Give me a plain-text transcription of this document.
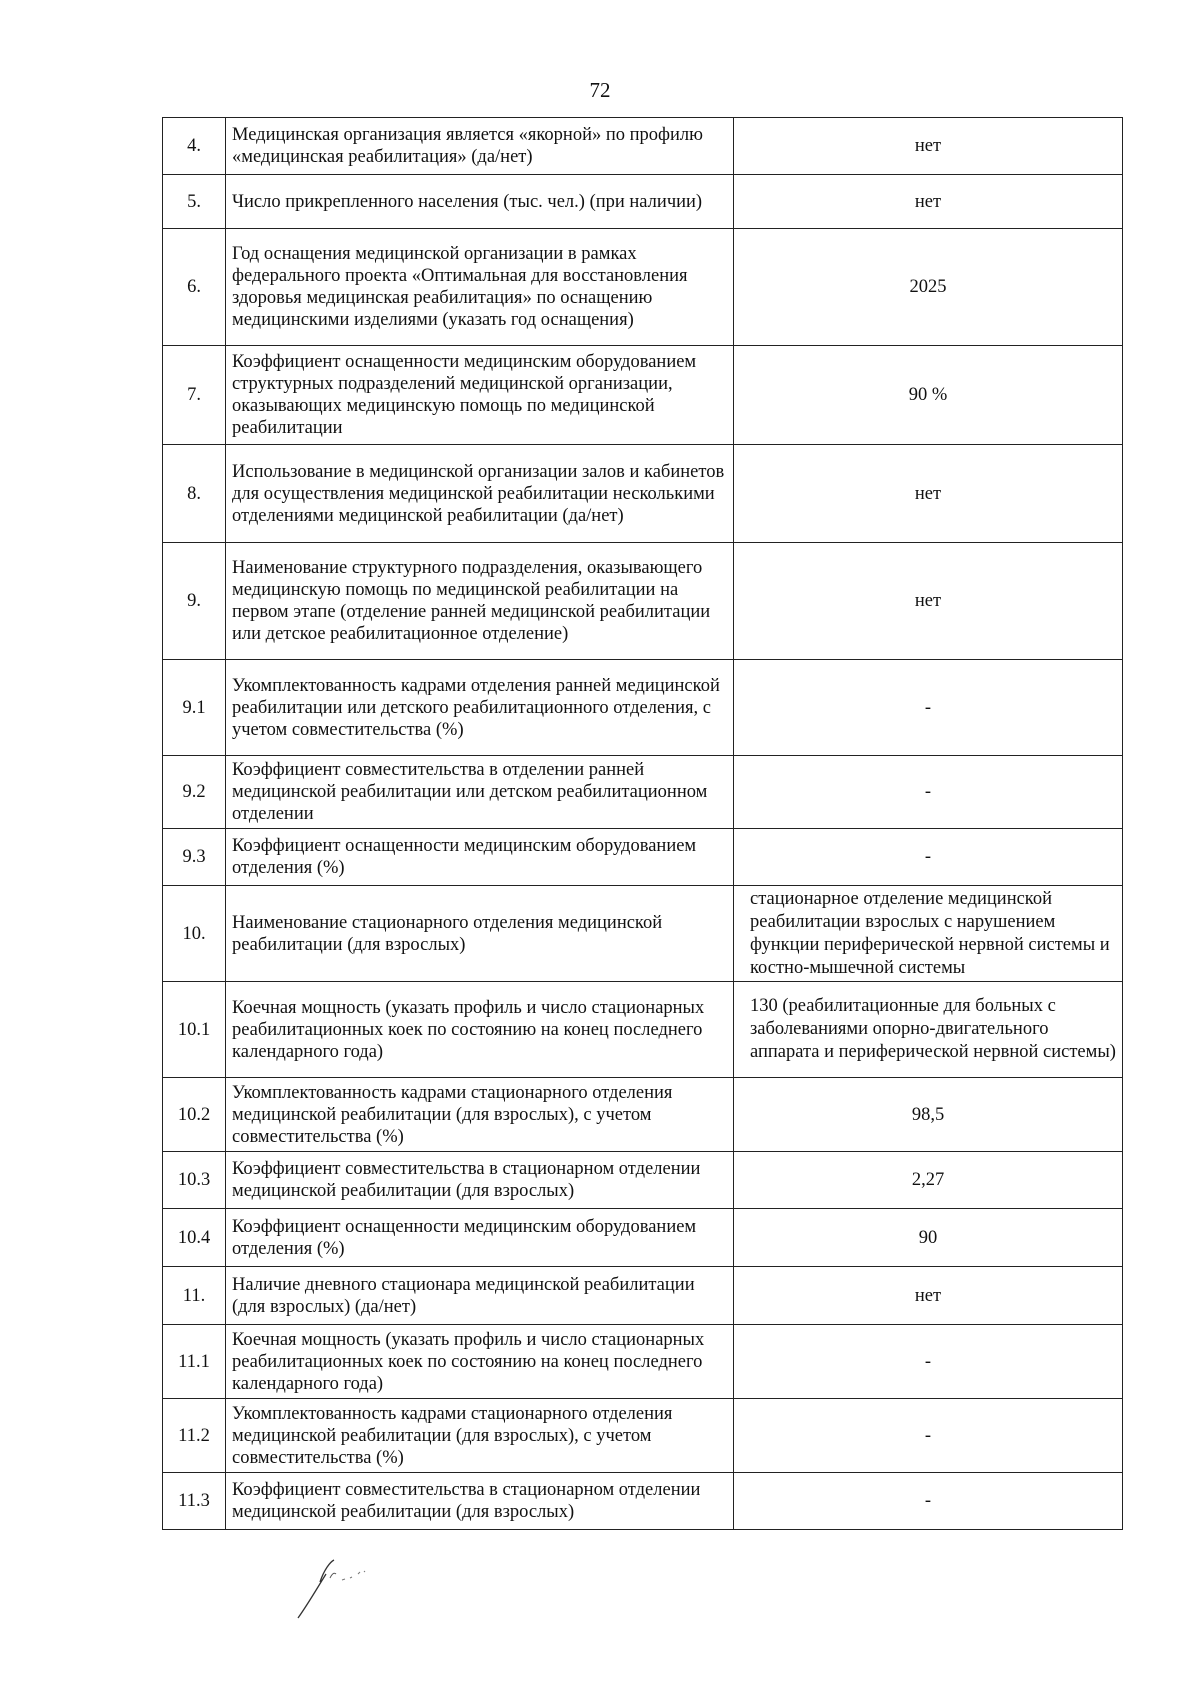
72
4.	Медицинская организация является «якорной» по профилю «медицинская реабилитация» (да/нет)	нет
5.	Число прикрепленного населения (тыс. чел.) (при наличии)	нет
6.	Год оснащения медицинской организации в рамках федерального проекта «Оптимальная для восстановления здоровья медицинская реабилитация» по оснащению медицинскими изделиями (указать год оснащения)	2025
7.	Коэффициент оснащенности медицинским оборудованием структурных подразделений медицинской организации, оказывающих медицинскую помощь по медицинской реабилитации	90 %
8.	Использование в медицинской организации залов и кабинетов для осуществления медицинской реабилитации несколькими отделениями медицинской реабилитации (да/нет)	нет
9.	Наименование структурного подразделения, оказывающего медицинскую помощь по медицинской реабилитации на первом этапе (отделение ранней медицинской реабилитации или детское реабилитационное отделение)	нет
9.1	Укомплектованность кадрами отделения ранней медицинской реабилитации или детского реабилитационного отделения, с учетом совместительства (%)	-
9.2	Коэффициент совместительства в отделении ранней медицинской реабилитации или детском реабилитационном отделении	-
9.3	Коэффициент оснащенности медицинским оборудованием отделения (%)	-
10.	Наименование стационарного отделения медицинской реабилитации (для взрослых)	стационарное отделение медицинской реабилитации взрослых с нарушением функции периферической нервной системы и костно-мышечной системы
10.1	Коечная мощность (указать профиль и число стационарных реабилитационных коек по состоянию на конец последнего календарного года)	130 (реабилитационные для больных с заболеваниями опорно-двигательного аппарата и периферической нервной системы)
10.2	Укомплектованность кадрами стационарного отделения медицинской реабилитации (для взрослых), с учетом совместительства (%)	98,5
10.3	Коэффициент совместительства в стационарном отделении медицинской реабилитации (для взрослых)	2,27
10.4	Коэффициент оснащенности медицинским оборудованием отделения (%)	90
11.	Наличие дневного стационара медицинской реабилитации (для взрослых) (да/нет)	нет
11.1	Коечная мощность (указать профиль и число стационарных реабилитационных коек по состоянию на конец последнего календарного года)	-
11.2	Укомплектованность кадрами стационарного отделения медицинской реабилитации (для взрослых), с учетом совместительства (%)	-
11.3	Коэффициент совместительства в стационарном отделении медицинской реабилитации (для взрослых)	-
